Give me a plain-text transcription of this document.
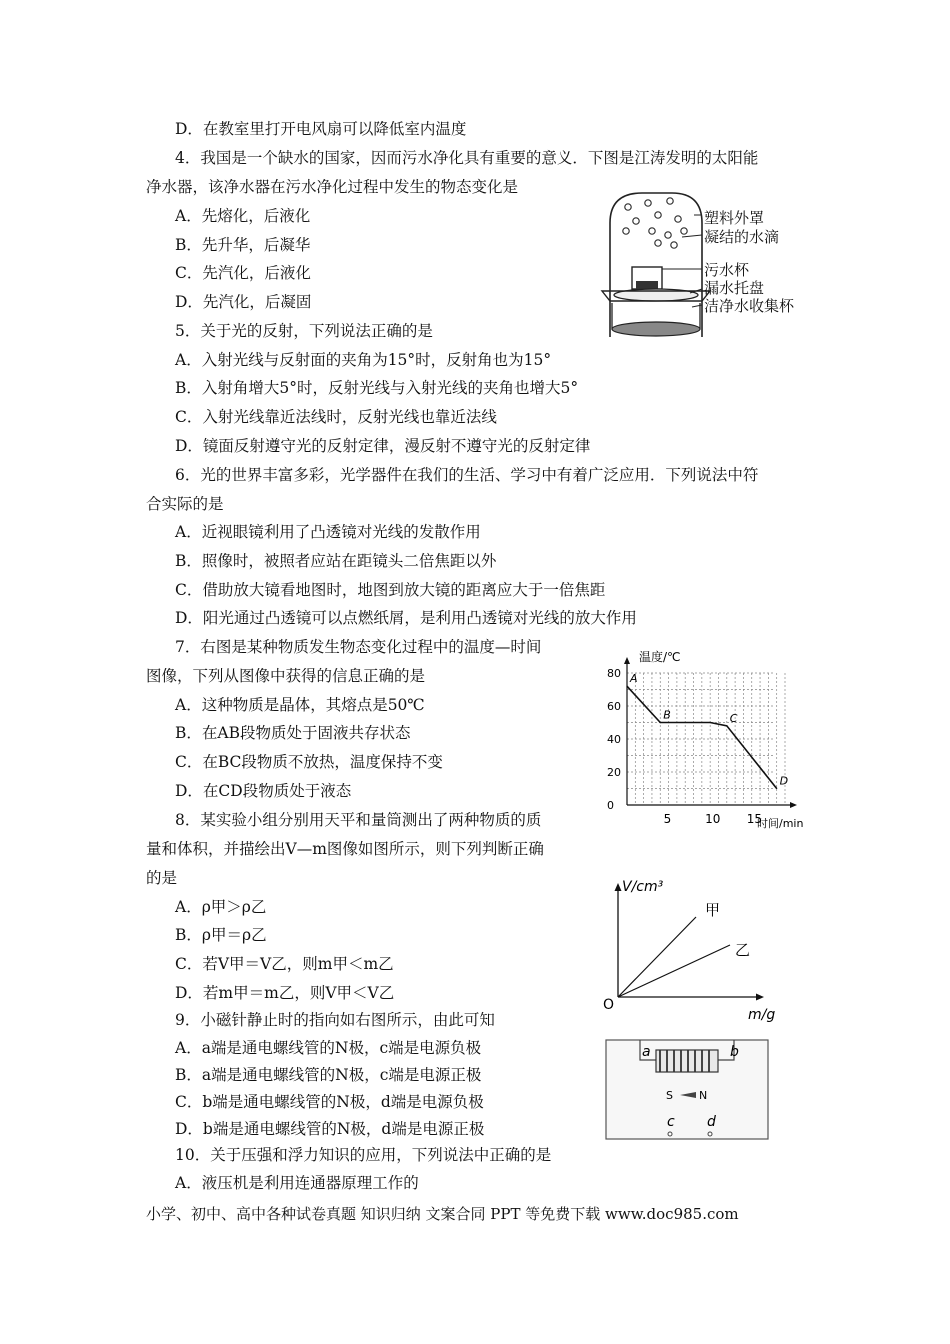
D．在教室里打开电风扇可以降低室内温度
4．我国是一个缺水的国家，因而污水净化具有重要的意义．下图是江涛发明的太阳能
净水器，该净水器在污水净化过程中发生的物态变化是
A．先熔化，后液化
B．先升华，后凝华
C．先汽化，后液化
D．先汽化，后凝固
5．关于光的反射，下列说法正确的是
A．入射光线与反射面的夹角为15°时，反射角也为15°
B．入射角增大5°时，反射光线与入射光线的夹角也增大5°
C．入射光线靠近法线时，反射光线也靠近法线
D．镜面反射遵守光的反射定律，漫反射不遵守光的反射定律
6．光的世界丰富多彩，光学器件在我们的生活、学习中有着广泛应用．下列说法中符
合实际的是
A．近视眼镜利用了凸透镜对光线的发散作用
B．照像时，被照者应站在距镜头二倍焦距以外
C．借助放大镜看地图时，地图到放大镜的距离应大于一倍焦距
D．阳光通过凸透镜可以点燃纸屑，是利用凸透镜对光线的放大作用
7．右图是某种物质发生物态变化过程中的温度—时间
图像，下列从图像中获得的信息正确的是
A．这种物质是晶体，其熔点是50℃
B．在AB段物质处于固液共存状态
C．在BC段物质不放热，温度保持不变
D．在CD段物质处于液态
8．某实验小组分别用天平和量筒测出了两种物质的质
量和体积，并描绘出V—m图像如图所示，则下列判断正确
的是
A．ρ甲＞ρ乙
B．ρ甲＝ρ乙
C．若V甲＝V乙，则m甲＜m乙
D．若m甲＝m乙，则V甲＜V乙
9．小磁针静止时的指向如右图所示，由此可知
A．a端是通电螺线管的N极，c端是电源负极
B．a端是通电螺线管的N极，c端是电源正极
C．b端是通电螺线管的N极，d端是电源负极
D．b端是通电螺线管的N极，d端是电源正极
10．关于压强和浮力知识的应用，下列说法中正确的是
A．液压机是利用连通器原理工作的
塑料外罩
凝结的水滴
污水杯
漏水托盘
洁净水收集杯
0
20
40
60
80
5	10 15
温度/℃
时间/min
A
B	C
D
V/cm³
O
m/g
甲
乙
a	b
S N
c d
小学、初中、高中各种试卷真题 知识归纳 文案合同 PPT 等免费下载 www.doc985.com
